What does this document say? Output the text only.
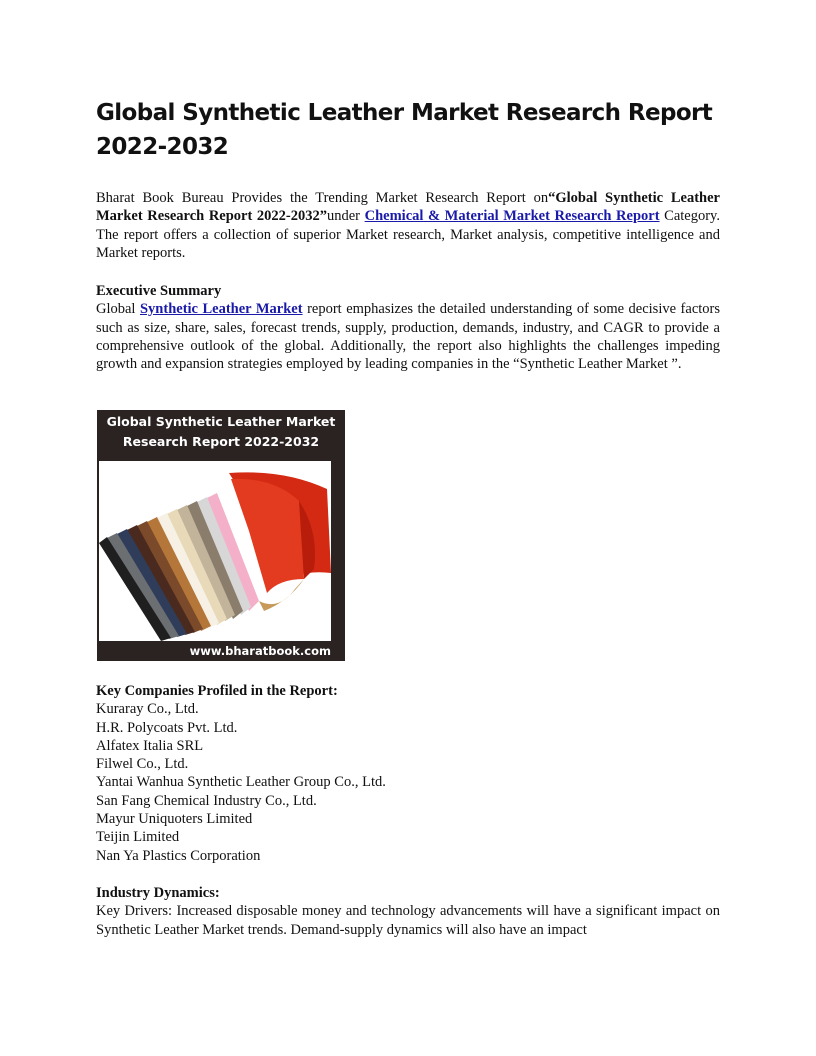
Global Synthetic Leather Market Research Report 2022-2032

Bharat Book Bureau Provides the Trending Market Research Report on“Global Synthetic Leather Market Research Report 2022-2032”under Chemical & Material Market Research Report Category. The report offers a collection of superior Market research, Market analysis, competitive intelligence and Market reports.

Executive Summary
Global Synthetic Leather Market report emphasizes the detailed understanding of some decisive factors such as size, share, sales, forecast trends, supply, production, demands, industry, and CAGR to provide a comprehensive outlook of the global. Additionally, the report also highlights the challenges impeding growth and expansion strategies employed by leading companies in the “Synthetic Leather Market ”.

Global Synthetic Leather Market
Research Report 2022-2032
www.bharatbook.com
Key Companies Profiled in the Report:
Kuraray Co., Ltd.
H.R. Polycoats Pvt. Ltd.
Alfatex Italia SRL
Filwel Co., Ltd.
Yantai Wanhua Synthetic Leather Group Co., Ltd.
San Fang Chemical Industry Co., Ltd.
Mayur Uniquoters Limited
Teijin Limited
Nan Ya Plastics Corporation

Industry Dynamics:
Key Drivers: Increased disposable money and technology advancements will have a significant impact on Synthetic Leather Market trends. Demand-supply dynamics will also have an impact
